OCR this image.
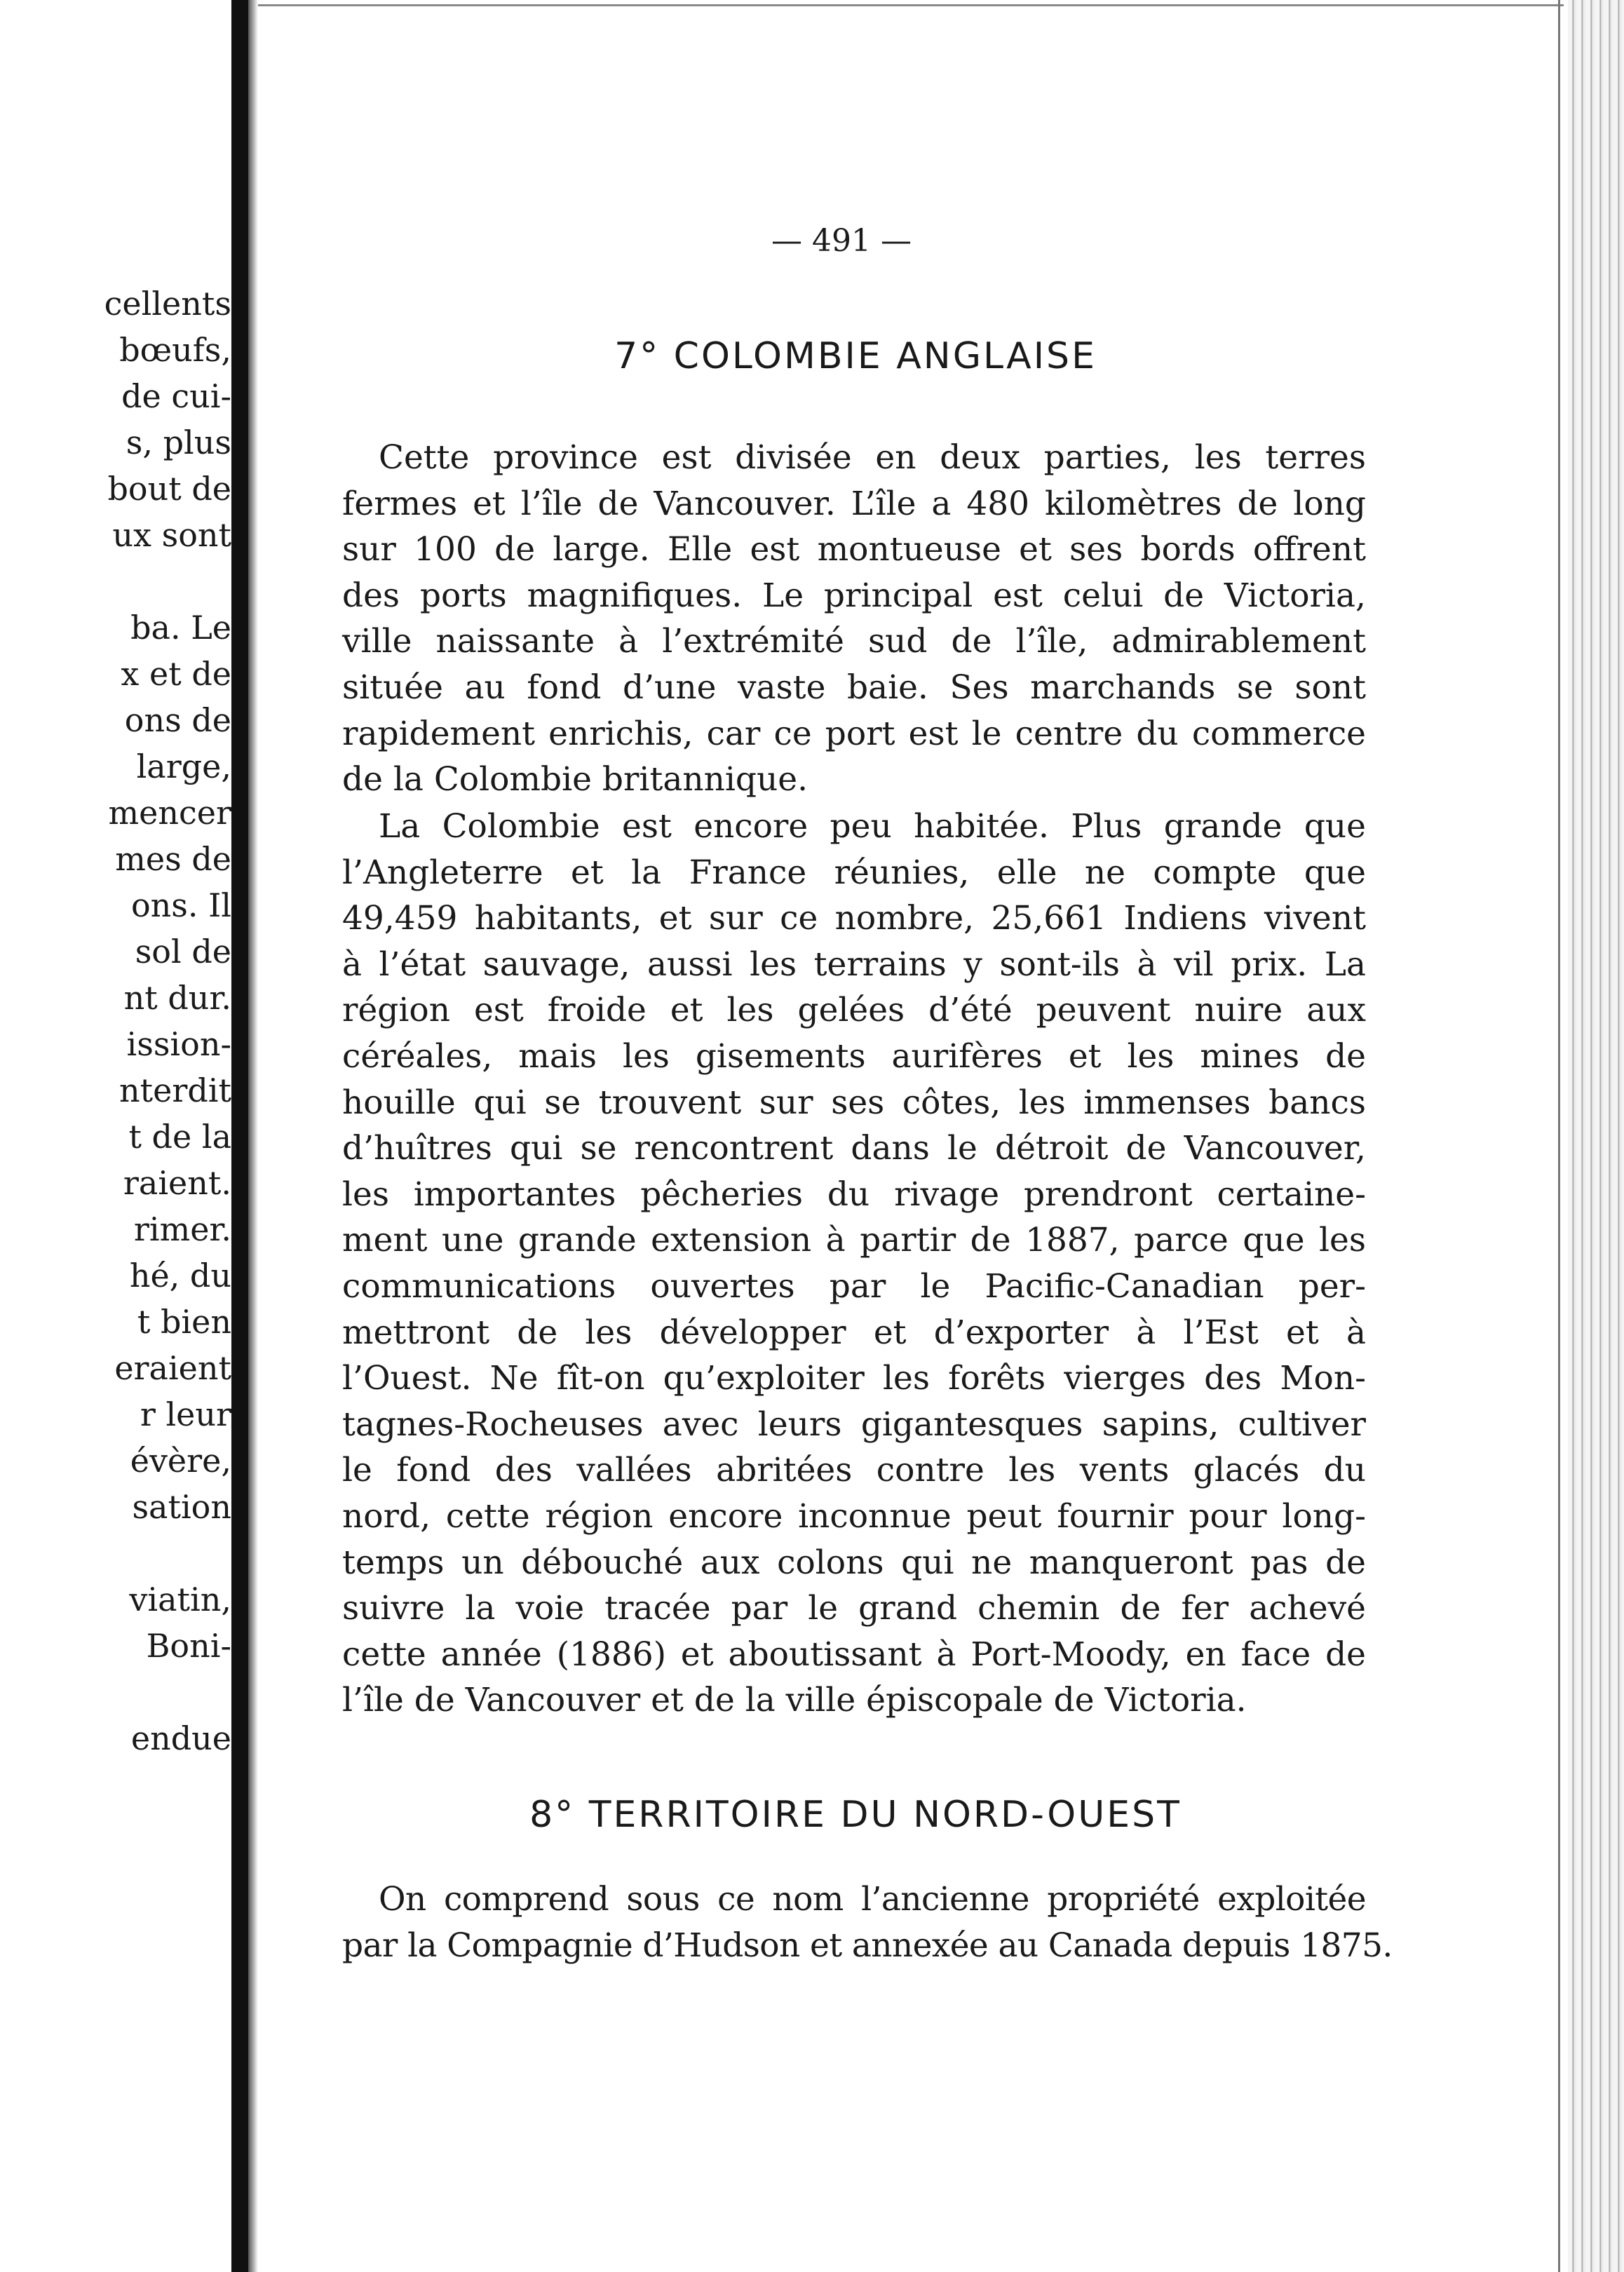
cellents
bœufs,
de cui-
s, plus
bout de
ux sont
ba. Le
x et de
ons de
large,
mencer
mes de
ons. Il
sol de
nt dur.
ission-
nterdit
t de la
raient.
rimer.
hé, du
t bien
eraient
r leur
évère,
sation
viatin,
Boni-
endue
— 491 —
7° COLOMBIE ANGLAISE
Cette province est divisée en deux parties, les terres
fermes et l’île de Vancouver. L’île a 480 kilomètres de long
sur 100 de large. Elle est montueuse et ses bords offrent
des ports magnifiques. Le principal est celui de Victoria,
ville naissante à l’extrémité sud de l’île, admirablement
située au fond d’une vaste baie. Ses marchands se sont
rapidement enrichis, car ce port est le centre du commerce
de la Colombie britannique.
La Colombie est encore peu habitée. Plus grande que
l’Angleterre et la France réunies, elle ne compte que
49,459 habitants, et sur ce nombre, 25,661 Indiens vivent
à l’état sauvage, aussi les terrains y sont-ils à vil prix. La
région est froide et les gelées d’été peuvent nuire aux
céréales, mais les gisements aurifères et les mines de
houille qui se trouvent sur ses côtes, les immenses bancs
d’huîtres qui se rencontrent dans le détroit de Vancouver,
les importantes pêcheries du rivage prendront certaine-
ment une grande extension à partir de 1887, parce que les
communications ouvertes par le Pacific-Canadian per-
mettront de les développer et d’exporter à l’Est et à
l’Ouest. Ne fît-on qu’exploiter les forêts vierges des Mon-
tagnes-Rocheuses avec leurs gigantesques sapins, cultiver
le fond des vallées abritées contre les vents glacés du
nord, cette région encore inconnue peut fournir pour long-
temps un débouché aux colons qui ne manqueront pas de
suivre la voie tracée par le grand chemin de fer achevé
cette année (1886) et aboutissant à Port-Moody, en face de
l’île de Vancouver et de la ville épiscopale de Victoria.
8° TERRITOIRE DU NORD-OUEST
On comprend sous ce nom l’ancienne propriété exploitée
par la Compagnie d’Hudson et annexée au Canada depuis 1875.
